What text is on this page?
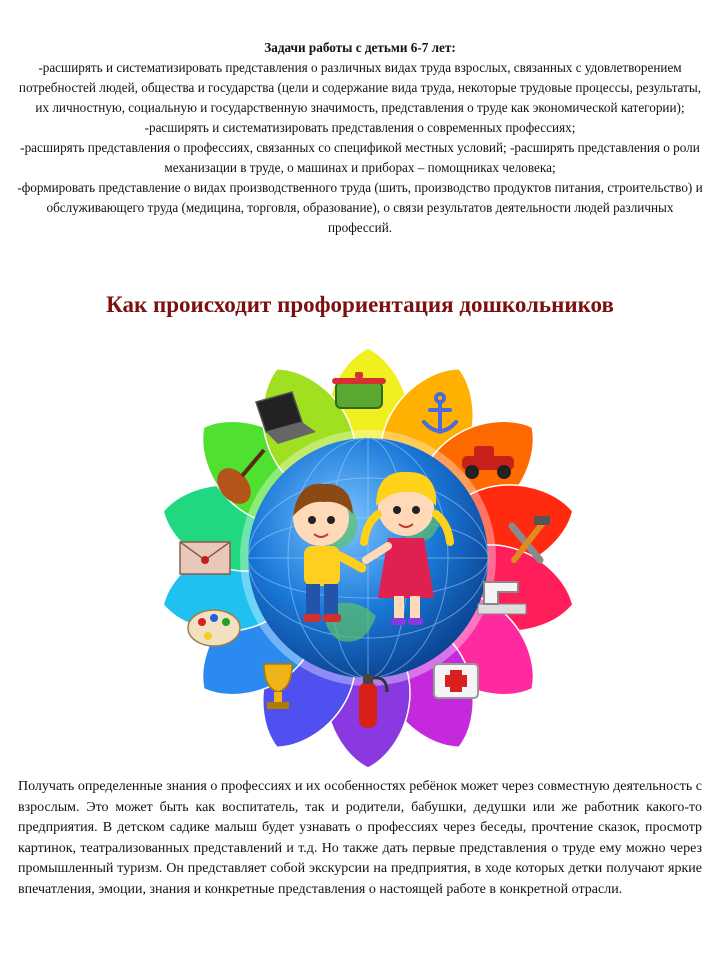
Задачи работы с детьми 6-7 лет:
-расширять и систематизировать представления о различных видах труда взрослых, связанных с удовлетворением потребностей людей, общества и государства (цели и содержание вида труда, некоторые трудовые процессы, результаты, их личностную, социальную и государственную значимость, представления о труде как экономической категории);
-расширять и систематизировать представления о современных профессиях;
-расширять представления о профессиях, связанных со спецификой местных условий; -расширять представления о роли механизации в труде, о машинах и приборах – помощниках человека;
-формировать представление о видах производственного труда (шить, производство продуктов питания, строительство) и обслуживающего труда (медицина, торговля, образование), о связи результатов деятельности людей различных профессий.
Как происходит профориентация дошкольников
Получать определенные знания о профессиях и их особенностях ребёнок может через совместную деятельность с взрослым. Это может быть как воспитатель, так и родители, бабушки, дедушки или же работник какого-то предприятия. В детском садике малыш будет узнавать о профессиях через беседы, прочтение сказок, просмотр картинок, театрализованных представлений и т.д. Но также дать первые представления о труде ему можно через промышленный туризм. Он представляет собой экскурсии на предприятия, в ходе которых детки получают яркие впечатления, эмоции, знания и конкретные представления о настоящей работе в конкретной отрасли.
